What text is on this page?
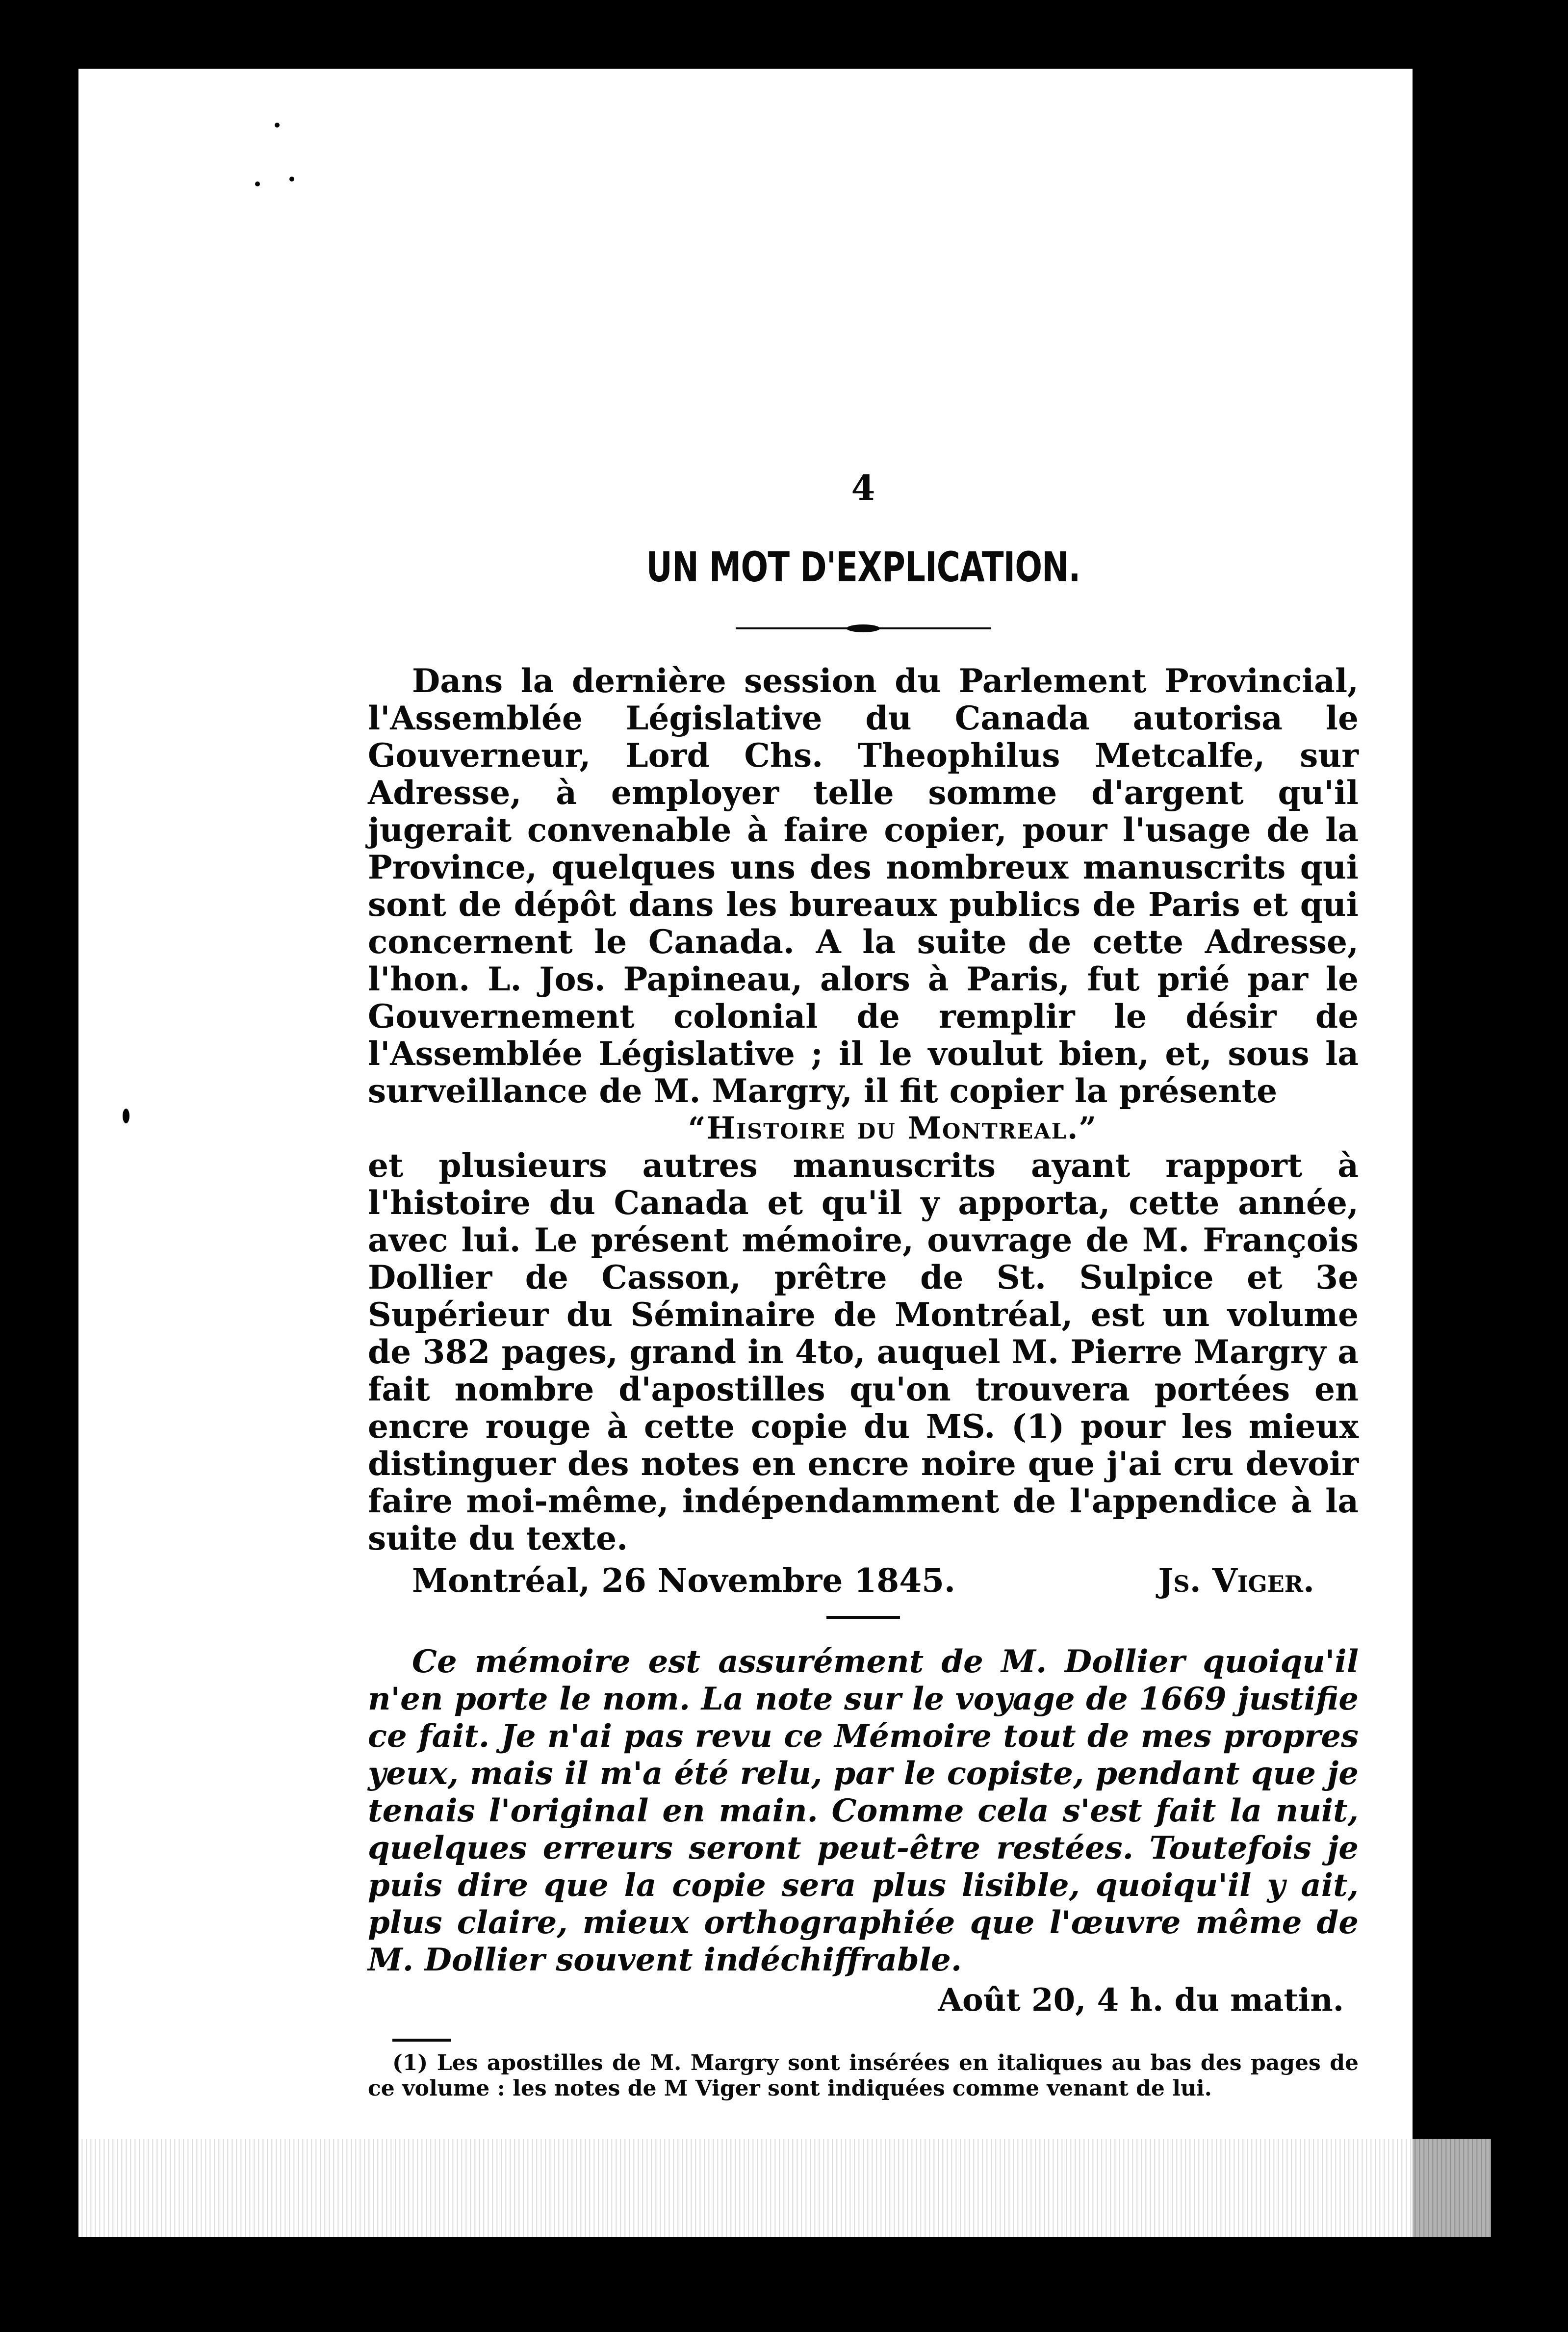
4

UN MOT D'EXPLICATION.

Dans la dernière session du Parlement Provincial, l'Assemblée Législative du Canada autorisa le Gouverneur, Lord Chs. Theophilus Metcalfe, sur Adresse, à employer telle somme d'argent qu'il jugerait convenable à faire copier, pour l'usage de la Province, quelques uns des nombreux manuscrits qui sont de dépôt dans les bureaux publics de Paris et qui concernent le Canada. A la suite de cette Adresse, l'hon. L. Jos. Papineau, alors à Paris, fut prié par le Gouvernement colonial de remplir le désir de l'Assemblée Législative ; il le voulut bien, et, sous la surveillance de M. Margry, il fit copier la présente

“Histoire du Montreal.”

et plusieurs autres manuscrits ayant rapport à l'histoire du Canada et qu'il y apporta, cette année, avec lui. Le présent mémoire, ouvrage de M. François Dollier de Casson, prêtre de St. Sulpice et 3e Supérieur du Séminaire de Montréal, est un volume de 382 pages, grand in 4to, auquel M. Pierre Margry a fait nombre d'apostilles qu'on trouvera portées en encre rouge à cette copie du MS. (1) pour les mieux distinguer des notes en encre noire que j'ai cru devoir faire moi-même, indépendamment de l'appendice à la suite du texte.

Montréal, 26 Novembre 1845.	Js. Viger.

Ce mémoire est assurément de M. Dollier quoiqu'il n'en porte le nom. La note sur le voyage de 1669 justifie ce fait. Je n'ai pas revu ce Mémoire tout de mes propres yeux, mais il m'a été relu, par le copiste, pendant que je tenais l'original en main. Comme cela s'est fait la nuit, quelques erreurs seront peut-être restées. Toutefois je puis dire que la copie sera plus lisible, quoiqu'il y ait, plus claire, mieux orthographiée que l'œuvre même de M. Dollier souvent indéchiffrable.

Août 20, 4 h. du matin.

(1) Les apostilles de M. Margry sont insérées en italiques au bas des pages de ce volume : les notes de M Viger sont indiquées comme venant de lui.
